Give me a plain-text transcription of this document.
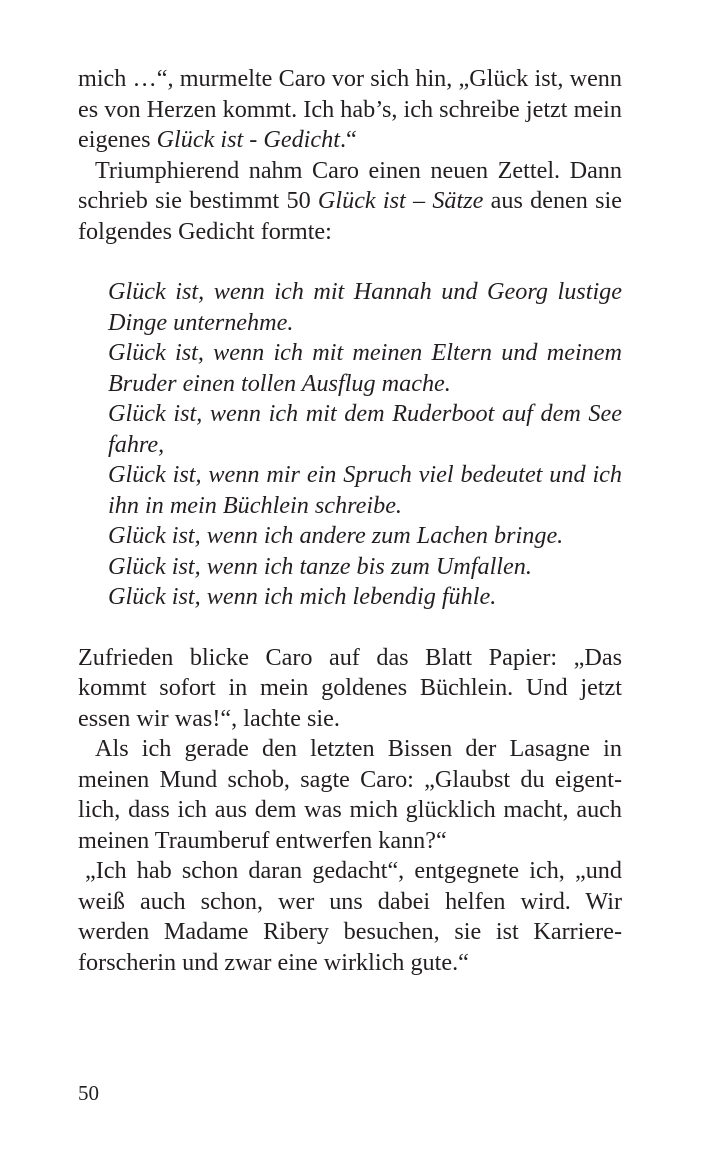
mich …“, murmelte Caro vor sich hin, „Glück ist, wenn es von Herzen kommt. Ich hab’s, ich schreibe jetzt mein eigenes Glück ist - Gedicht.“

Triumphierend nahm Caro einen neuen Zettel. Dann schrieb sie bestimmt 50 Glück ist – Sätze aus denen sie folgendes Gedicht formte:

Glück ist, wenn ich mit Hannah und Georg lustige Dinge unternehme.

Glück ist, wenn ich mit meinen Eltern und meinem Bruder einen tollen Ausflug mache.

Glück ist, wenn ich mit dem Ruderboot auf dem See fahre,

Glück ist, wenn mir ein Spruch viel bedeutet und ich ihn in mein Büchlein schreibe.

Glück ist, wenn ich andere zum Lachen bringe.

Glück ist, wenn ich tanze bis zum Umfallen.

Glück ist, wenn ich mich lebendig fühle.

Zufrieden blicke Caro auf das Blatt Papier: „Das kommt sofort in mein goldenes Büchlein. Und jetzt essen wir was!“, lachte sie.

Als ich gerade den letzten Bissen der Lasagne in meinen Mund schob, sagte Caro: „Glaubst du eigentlich, dass ich aus dem was mich glücklich macht, auch meinen Traumberuf entwerfen kann?“

„Ich hab schon daran gedacht“, entgegnete ich, „und weiß auch schon, wer uns dabei helfen wird. Wir werden Madame Ribery besuchen, sie ist Karriereforscherin und zwar eine wirklich gute.“

50
